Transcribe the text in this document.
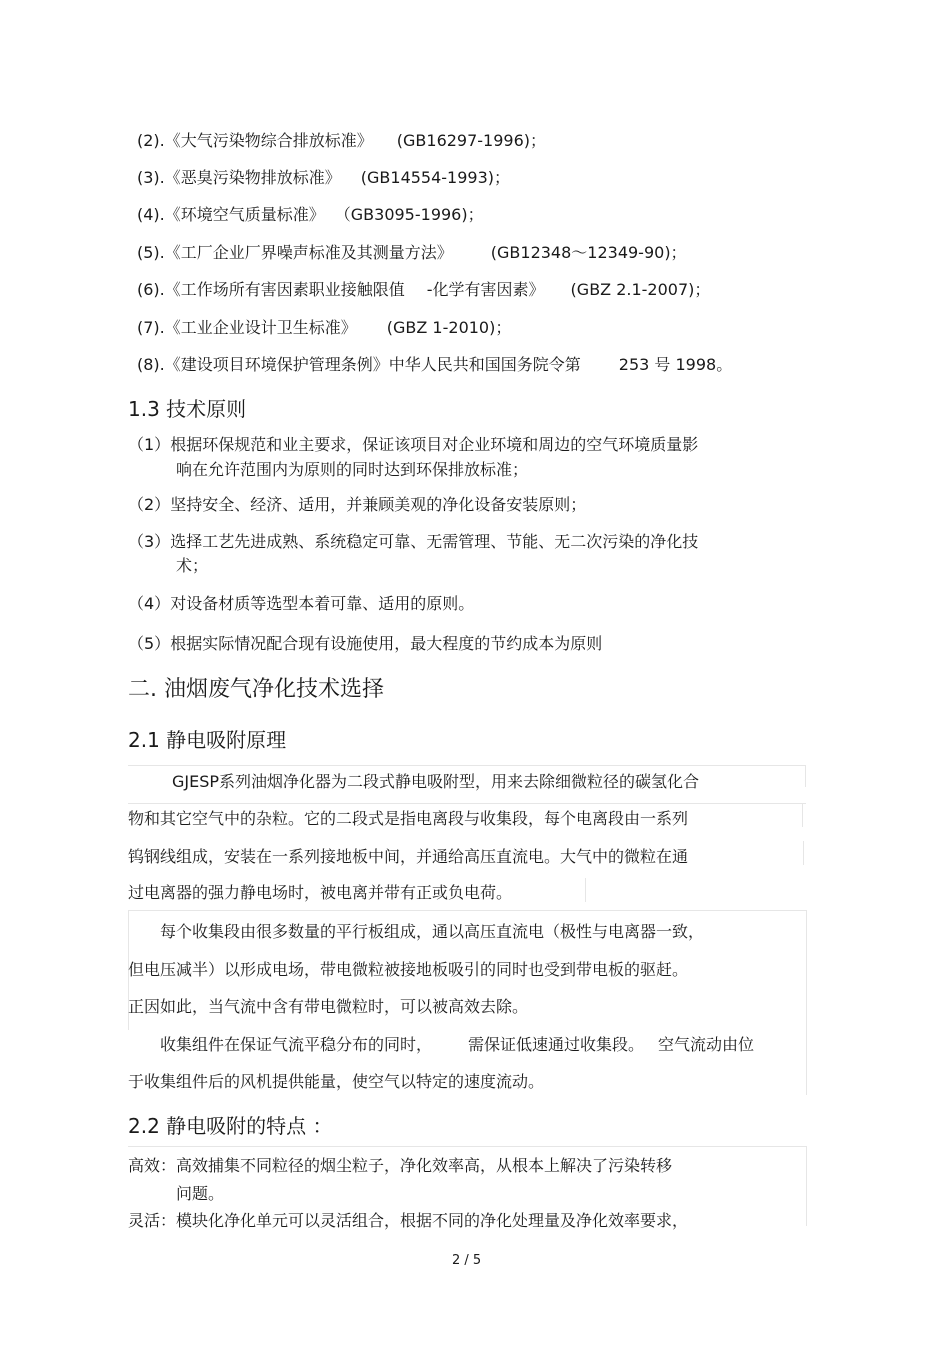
(2).《大气污染物综合排放标准》 (GB16297-1996)；
(3).《恶臭污染物排放标准》 (GB14554-1993)；
(4).《环境空气质量标准》 （GB3095-1996)；
(5).《工厂企业厂界噪声标准及其测量方法》 (GB12348～12349-90)；
(6).《工作场所有害因素职业接触限值 -化学有害因素》 (GBZ 2.1-2007)；
(7).《工业企业设计卫生标准》 (GBZ 1-2010)；
(8).《建设项目环境保护管理条例》中华人民共和国国务院令第 253 号 1998。
1.3 技术原则
（1）根据环保规范和业主要求，保证该项目对企业环境和周边的空气环境质量影
响在允许范围内为原则的同时达到环保排放标准；
（2）坚持安全、经济、适用，并兼顾美观的净化设备安装原则；
（3）选择工艺先进成熟、系统稳定可靠、无需管理、节能、无二次污染的净化技
术；
（4）对设备材质等选型本着可靠、适用的原则。
（5）根据实际情况配合现有设施使用，最大程度的节约成本为原则
二. 油烟废气净化技术选择
2.1 静电吸附原理
GJESP系列油烟净化器为二段式静电吸附型，用来去除细微粒径的碳氢化合
物和其它空气中的杂粒。它的二段式是指电离段与收集段，每个电离段由一系列
钨钢线组成，安装在一系列接地板中间，并通给高压直流电。大气中的微粒在通
过电离器的强力静电场时，被电离并带有正或负电荷。
每个收集段由很多数量的平行板组成，通以高压直流电（极性与电离器一致，
但电压减半）以形成电场，带电微粒被接地板吸引的同时也受到带电板的驱赶。
正因如此，当气流中含有带电微粒时，可以被高效去除。
收集组件在保证气流平稳分布的同时， 需保证低速通过收集段。 空气流动由位
于收集组件后的风机提供能量，使空气以特定的速度流动。
2.2 静电吸附的特点 ：
高效：高效捕集不同粒径的烟尘粒子，净化效率高，从根本上解决了污染转移
问题。
灵活：模块化净化单元可以灵活组合，根据不同的净化处理量及净化效率要求，
2 / 5
